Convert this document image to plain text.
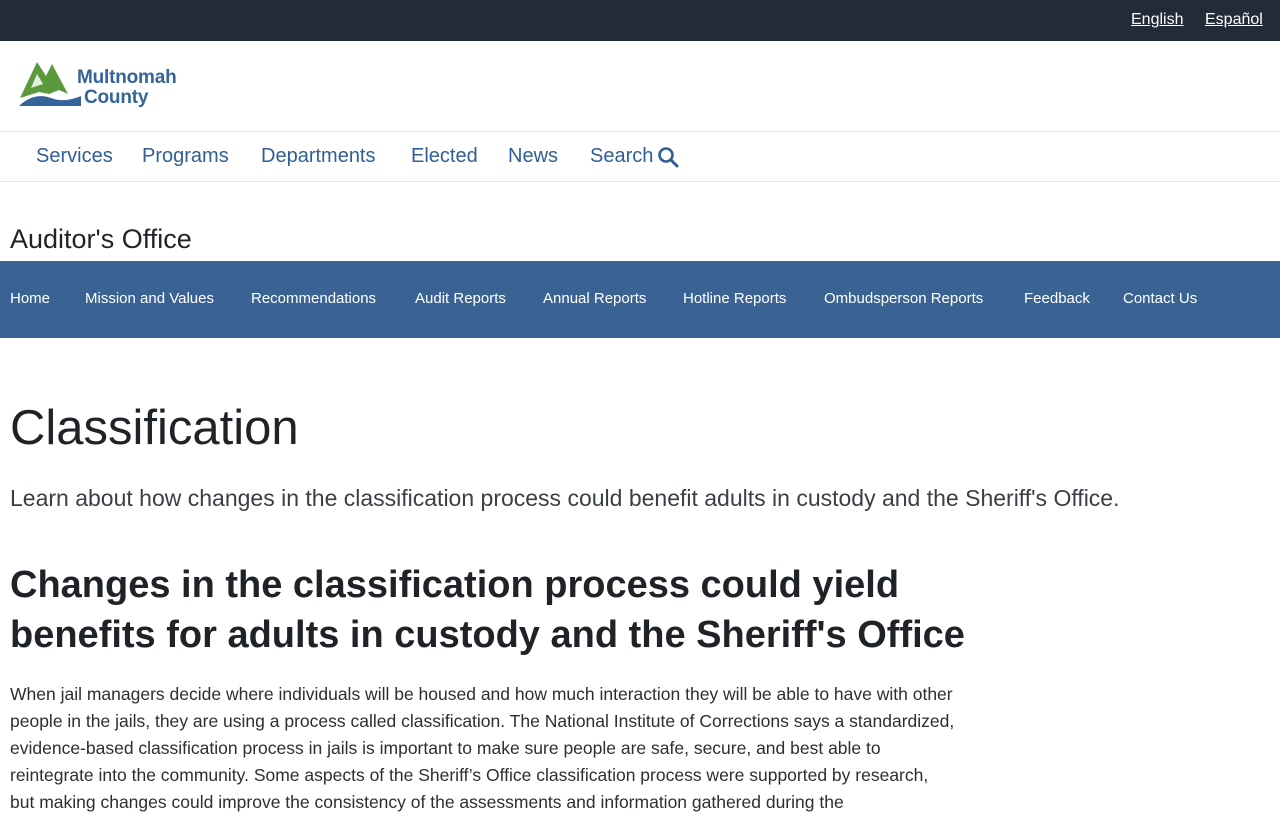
English Español
Multnomah
County
Services Programs Departments Elected News Search
Auditor's Office
Home Mission and Values Recommendations	Audit Reports Annual Reports Hotline Reports	Ombudsperson Reports	Feedback Contact Us
Classification

Learn about how changes in the classification process could benefit adults in custody and the Sheriff's Office.

Changes in the classification process could yield benefits for adults in custody and the Sheriff's Office

When jail managers decide where individuals will be housed and how much interaction they will be able to have with other people in the jails, they are using a process called classification. The National Institute of Corrections says a standardized, evidence-based classification process in jails is important to make sure people are safe, secure, and best able to reintegrate into the community. Some aspects of the Sheriff’s Office classification process were supported by research, but making changes could improve the consistency of the assessments and information gathered during the
